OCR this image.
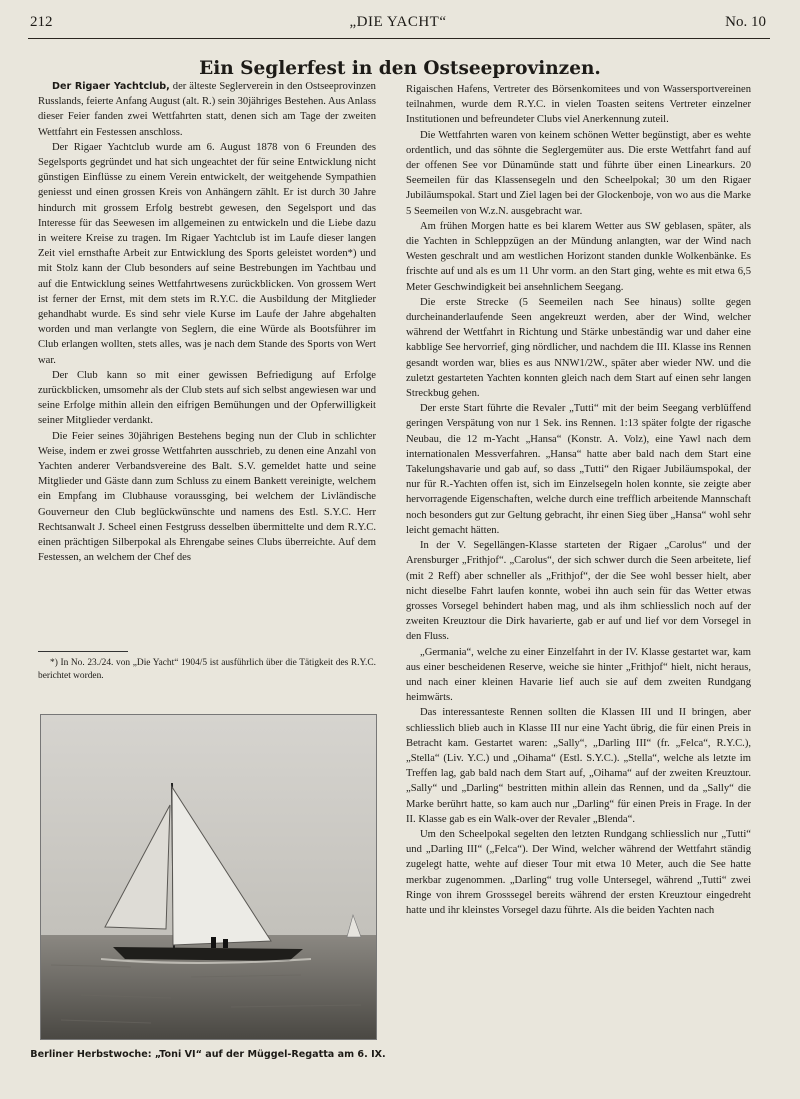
212	„DIE YACHT“	No. 10
Ein Seglerfest in den Ostseeprovinzen.

Der Rigaer Yachtclub, der älteste Seglerverein in den Ostseeprovinzen Russlands, feierte Anfang August (alt. R.) sein 30jähriges Bestehen. Aus Anlass dieser Feier fanden zwei Wettfahrten statt, denen sich am Tage der zweiten Wettfahrt ein Festessen anschloss.

Der Rigaer Yachtclub wurde am 6. August 1878 von 6 Freunden des Segelsports gegründet und hat sich ungeachtet der für seine Entwicklung nicht günstigen Einflüsse zu einem Verein entwickelt, der weitgehende Sympathien geniesst und einen grossen Kreis von Anhängern zählt. Er ist durch 30 Jahre hindurch mit grossem Erfolg bestrebt gewesen, den Segelsport und das Interesse für das Seewesen im allgemeinen zu entwickeln und die Liebe dazu in weitere Kreise zu tragen. Im Rigaer Yachtclub ist im Laufe dieser langen Zeit viel ernsthafte Arbeit zur Entwicklung des Sports geleistet worden*) und mit Stolz kann der Club besonders auf seine Bestrebungen im Yachtbau und auf die Entwicklung seines Wettfahrtwesens zurückblicken. Von grossem Wert ist ferner der Ernst, mit dem stets im R.Y.C. die Ausbildung der Mitglieder gehandhabt wurde. Es sind sehr viele Kurse im Laufe der Jahre abgehalten worden und man verlangte von Seglern, die eine Würde als Bootsführer im Club erlangen wollten, stets alles, was je nach dem Stande des Sports von Wert war.

Der Club kann so mit einer gewissen Befriedigung auf Erfolge zurückblicken, umsomehr als der Club stets auf sich selbst angewiesen war und seine Erfolge mithin allein den eifrigen Bemühungen und der Opferwilligkeit seiner Mitglieder verdankt.

Die Feier seines 30jährigen Bestehens beging nun der Club in schlichter Weise, indem er zwei grosse Wettfahrten ausschrieb, zu denen eine Anzahl von Yachten anderer Verbandsvereine des Balt. S.V. gemeldet hatte und seine Mitglieder und Gäste dann zum Schluss zu einem Bankett vereinigte, welchem ein Empfang im Clubhause voraussging, bei welchem der Livländische Gouverneur den Club beglückwünschte und namens des Estl. S.Y.C. Herr Rechtsanwalt J. Scheel einen Festgruss desselben übermittelte und dem R.Y.C. einen prächtigen Silberpokal als Ehrengabe seines Clubs überreichte. Auf dem Festessen, an welchem der Chef des

*) In No. 23./24. von „Die Yacht“ 1904/5 ist ausführlich über die Tätigkeit des R.Y.C. berichtet worden.

Berliner Herbstwoche: „Toni VI“ auf der Müggel-Regatta am 6. IX.

Rigaischen Hafens, Vertreter des Börsenkomitees und von Wassersportvereinen teilnahmen, wurde dem R.Y.C. in vielen Toasten seitens Vertreter einzelner Institutionen und befreundeter Clubs viel Anerkennung zuteil.

Die Wettfahrten waren von keinem schönen Wetter begünstigt, aber es wehte ordentlich, und das söhnte die Seglergemüter aus. Die erste Wettfahrt fand auf der offenen See vor Dünamünde statt und führte über einen Linearkurs. 20 Seemeilen für das Klassensegeln und den Scheelpokal; 30 um den Rigaer Jubiläumspokal. Start und Ziel lagen bei der Glockenboje, von wo aus die Marke 5 Seemeilen von W.z.N. ausgebracht war.

Am frühen Morgen hatte es bei klarem Wetter aus SW geblasen, später, als die Yachten in Schleppzügen an der Mündung anlangten, war der Wind nach Westen geschralt und am westlichen Horizont standen dunkle Wolkenbänke. Es frischte auf und als es um 11 Uhr vorm. an den Start ging, wehte es mit etwa 6,5 Meter Geschwindigkeit bei ansehnlichem Seegang.

Die erste Strecke (5 Seemeilen nach See hinaus) sollte gegen durcheinanderlaufende Seen angekreuzt werden, aber der Wind, welcher während der Wettfahrt in Richtung und Stärke unbeständig war und daher eine kabblige See hervorrief, ging nördlicher, und nachdem die III. Klasse ins Rennen gesandt worden war, blies es aus NNW1/2W., später aber wieder NW. und die zuletzt gestarteten Yachten konnten gleich nach dem Start auf einen sehr langen Streckbug gehen.

Der erste Start führte die Revaler „Tutti“ mit der beim Seegang verblüffend geringen Verspätung von nur 1 Sek. ins Rennen. 1:13 später folgte der rigasche Neubau, die 12 m-Yacht „Hansa“ (Konstr. A. Volz), eine Yawl nach dem internationalen Messverfahren. „Hansa“ hatte aber bald nach dem Start eine Takelungshavarie und gab auf, so dass „Tutti“ den Rigaer Jubiläumspokal, der nur für R.-Yachten offen ist, sich im Einzelsegeln holen konnte, sie zeigte aber hervorragende Eigenschaften, welche durch eine trefflich arbeitende Mannschaft noch besonders gut zur Geltung gebracht, ihr einen Sieg über „Hansa“ wohl sehr leicht gemacht hätten.

In der V. Segellängen-Klasse starteten der Rigaer „Carolus“ und der Arensburger „Frithjof“. „Carolus“, der sich schwer durch die Seen arbeitete, lief (mit 2 Reff) aber schneller als „Frithjof“, der die See wohl besser hielt, aber nicht dieselbe Fahrt laufen konnte, wobei ihn auch sein für das Wetter etwas grosses Vorsegel behindert haben mag, und als ihm schliesslich noch auf der zweiten Kreuztour die Dirk havarierte, gab er auf und lief vor dem Vorsegel in den Fluss.

„Germania“, welche zu einer Einzelfahrt in der IV. Klasse gestartet war, kam aus einer bescheidenen Reserve, weiche sie hinter „Frithjof“ hielt, nicht heraus, und nach einer kleinen Havarie lief auch sie auf dem zweiten Rundgang heimwärts.

Das interessanteste Rennen sollten die Klassen III und II bringen, aber schliesslich blieb auch in Klasse III nur eine Yacht übrig, die für einen Preis in Betracht kam. Gestartet waren: „Sally“, „Darling III“ (fr. „Felca“, R.Y.C.), „Stella“ (Liv. Y.C.) und „Oihama“ (Estl. S.Y.C.). „Stella“, welche als letzte im Treffen lag, gab bald nach dem Start auf, „Oihama“ auf der zweiten Kreuztour. „Sally“ und „Darling“ bestritten mithin allein das Rennen, und da „Sally“ die Marke berührt hatte, so kam auch nur „Darling“ für einen Preis in Frage. In der II. Klasse gab es ein Walk-over der Revaler „Blenda“.

Um den Scheelpokal segelten den letzten Rundgang schliesslich nur „Tutti“ und „Darling III“ („Felca“). Der Wind, welcher während der Wettfahrt ständig zugelegt hatte, wehte auf dieser Tour mit etwa 10 Meter, auch die See hatte merkbar zugenommen. „Darling“ trug volle Untersegel, während „Tutti“ zwei Ringe von ihrem Grosssegel bereits während der ersten Kreuztour eingedreht hatte und ihr kleinstes Vorsegel dazu führte. Als die beiden Yachten nach
